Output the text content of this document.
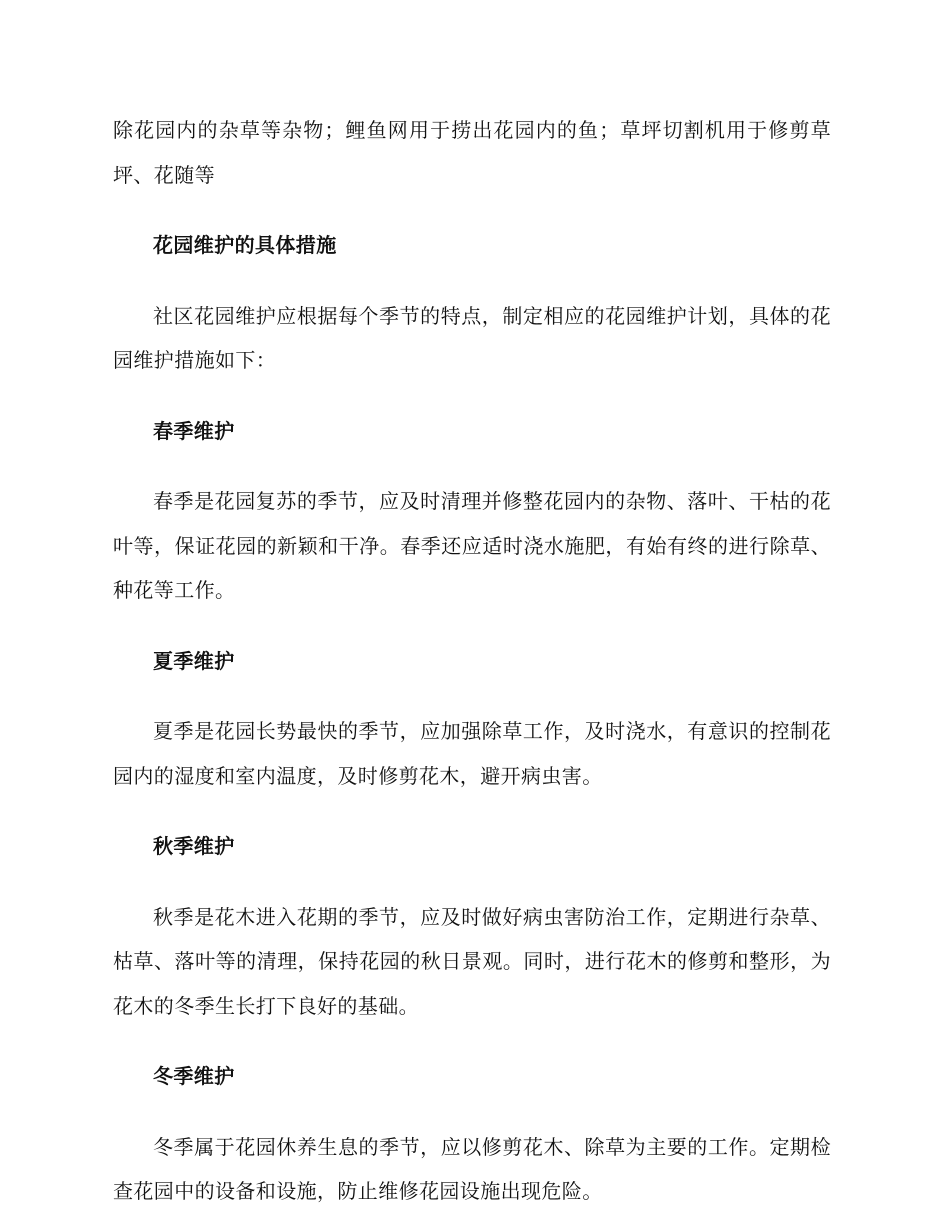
除花园内的杂草等杂物；鲤鱼网用于捞出花园内的鱼；草坪切割机用于修剪草坪、花随等

花园维护的具体措施

社区花园维护应根据每个季节的特点，制定相应的花园维护计划，具体的花园维护措施如下：

春季维护

春季是花园复苏的季节，应及时清理并修整花园内的杂物、落叶、干枯的花叶等，保证花园的新颖和干净。春季还应适时浇水施肥，有始有终的进行除草、种花等工作。

夏季维护

夏季是花园长势最快的季节，应加强除草工作，及时浇水，有意识的控制花园内的湿度和室内温度，及时修剪花木，避开病虫害。

秋季维护

秋季是花木进入花期的季节，应及时做好病虫害防治工作，定期进行杂草、枯草、落叶等的清理，保持花园的秋日景观。同时，进行花木的修剪和整形，为花木的冬季生长打下良好的基础。

冬季维护

冬季属于花园休养生息的季节，应以修剪花木、除草为主要的工作。定期检查花园中的设备和设施，防止维修花园设施出现危险。
